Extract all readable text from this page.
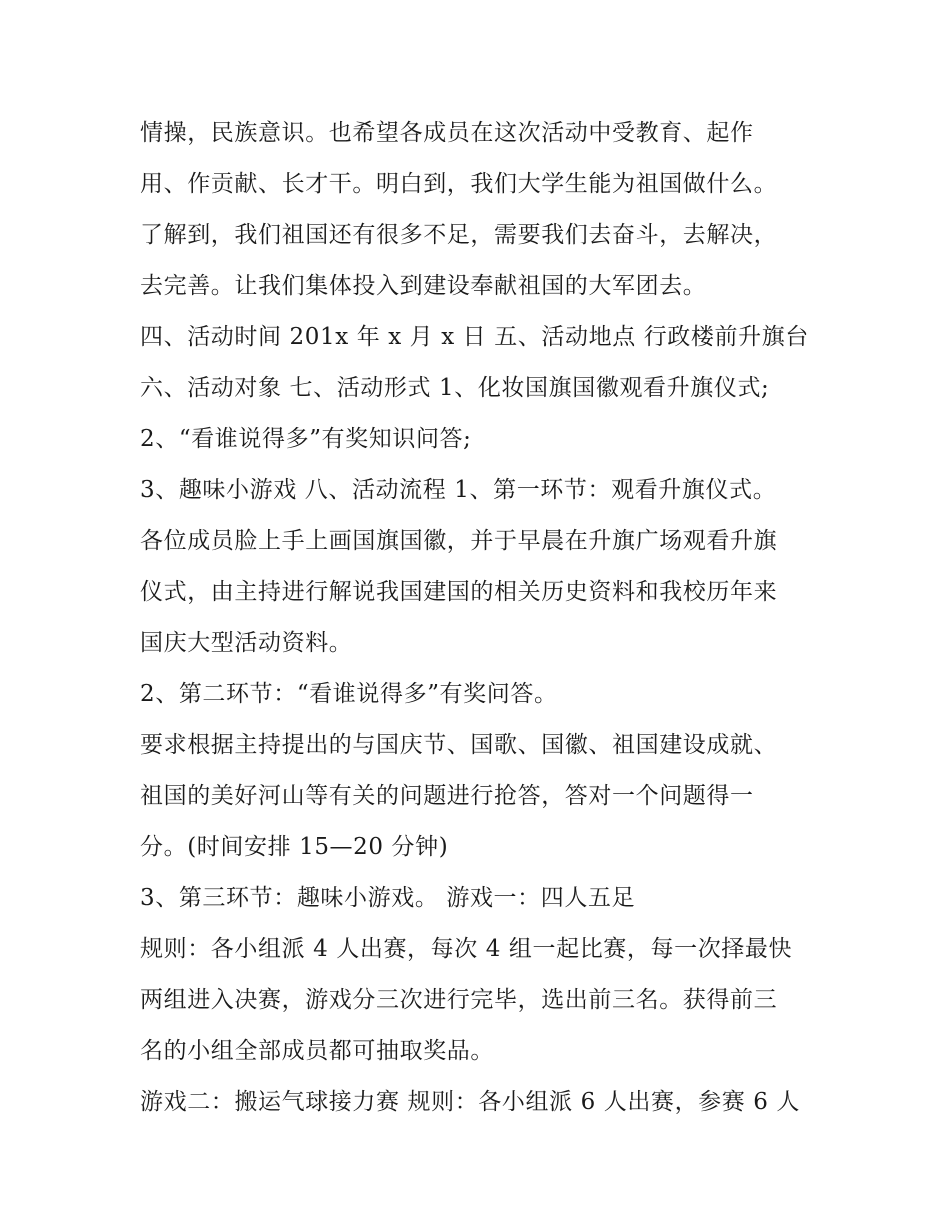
情操，民族意识。也希望各成员在这次活动中受教育、起作
用、作贡献、长才干。明白到，我们大学生能为祖国做什么。
了解到，我们祖国还有很多不足，需要我们去奋斗，去解决，
去完善。让我们集体投入到建设奉献祖国的大军团去。
四、活动时间 201x 年 x 月 x 日 五、活动地点 行政楼前升旗台
六、活动对象 七、活动形式 1、化妆国旗国徽观看升旗仪式;
2、“看谁说得多”有奖知识问答;
3、趣味小游戏 八、活动流程 1、第一环节：观看升旗仪式。
各位成员脸上手上画国旗国徽，并于早晨在升旗广场观看升旗
仪式，由主持进行解说我国建国的相关历史资料和我校历年来
国庆大型活动资料。
2、第二环节：“看谁说得多”有奖问答。
要求根据主持提出的与国庆节、国歌、国徽、祖国建设成就、
祖国的美好河山等有关的问题进行抢答，答对一个问题得一
分。(时间安排 15—20 分钟)
3、第三环节：趣味小游戏。 游戏一：四人五足
规则：各小组派 4 人出赛，每次 4 组一起比赛，每一次择最快
两组进入决赛，游戏分三次进行完毕，选出前三名。获得前三
名的小组全部成员都可抽取奖品。
游戏二：搬运气球接力赛 规则：各小组派 6 人出赛，参赛 6 人
